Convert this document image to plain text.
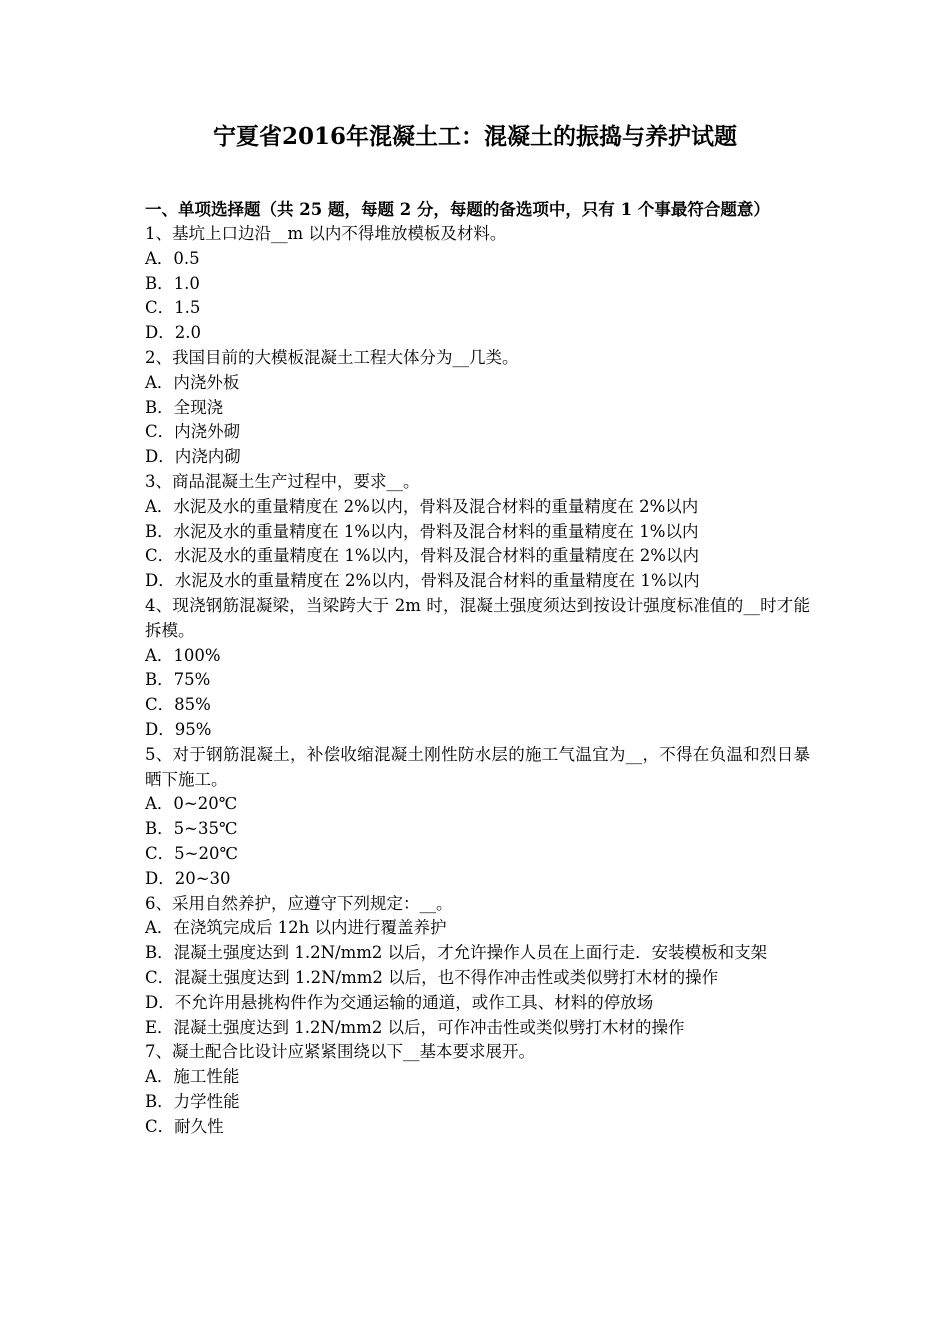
宁夏省2016年混凝土工：混凝土的振捣与养护试题

一、单项选择题（共 25 题，每题 2 分，每题的备选项中，只有 1 个事最符合题意）

1、基坑上口边沿__m 以内不得堆放模板及材料。

A．0.5

B．1.0

C．1.5

D．2.0

2、我国目前的大模板混凝土工程大体分为__几类。

A．内浇外板

B．全现浇

C．内浇外砌

D．内浇内砌

3、商品混凝土生产过程中，要求__。

A．水泥及水的重量精度在 2%以内，骨料及混合材料的重量精度在 2%以内

B．水泥及水的重量精度在 1%以内，骨料及混合材料的重量精度在 1%以内

C．水泥及水的重量精度在 1%以内，骨料及混合材料的重量精度在 2%以内

D．水泥及水的重量精度在 2%以内，骨料及混合材料的重量精度在 1%以内

4、现浇钢筋混凝梁，当梁跨大于 2m 时，混凝土强度须达到按设计强度标准值的__时才能拆模。

A．100%

B．75%

C．85%

D．95%

5、对于钢筋混凝土，补偿收缩混凝土刚性防水层的施工气温宜为__，不得在负温和烈日暴晒下施工。

A．0~20℃

B．5~35℃

C．5~20℃

D．20~30

6、采用自然养护，应遵守下列规定：__。

A．在浇筑完成后 12h 以内进行覆盖养护

B．混凝土强度达到 1.2N/mm2 以后，才允许操作人员在上面行走．安装模板和支架

C．混凝土强度达到 1.2N/mm2 以后，也不得作冲击性或类似劈打木材的操作

D．不允许用悬挑构件作为交通运输的通道，或作工具、材料的停放场

E．混凝土强度达到 1.2N/mm2 以后，可作冲击性或类似劈打木材的操作

7、凝土配合比设计应紧紧围绕以下__基本要求展开。

A．施工性能

B．力学性能

C．耐久性
